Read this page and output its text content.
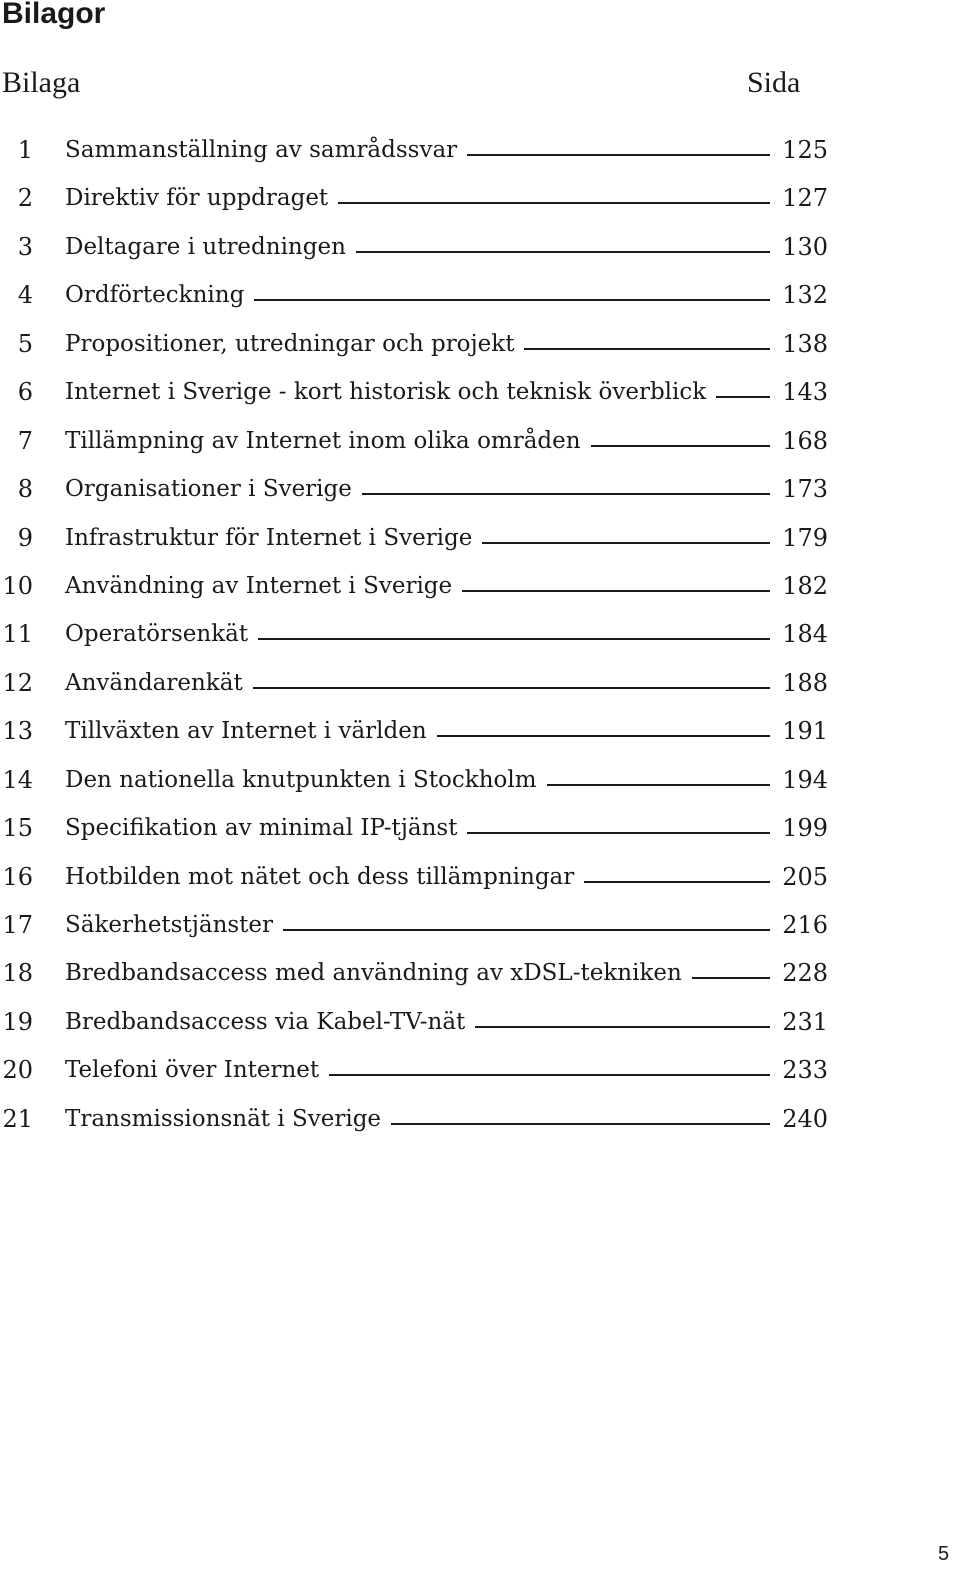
Bilagor
Bilaga	Sida
1 Sammanställning av samrådssvar	125
2 Direktiv för uppdraget	127
3 Deltagare i utredningen	130
4 Ordförteckning	132
5 Propositioner, utredningar och projekt	138
6 Internet i Sverige - kort historisk och teknisk överblick	143
7 Tillämpning av Internet inom olika områden	168
8 Organisationer i Sverige	173
9 Infrastruktur för Internet i Sverige	179
10 Användning av Internet i Sverige	182
11 Operatörsenkät	184
12 Användarenkät	188
13 Tillväxten av Internet i världen	191
14 Den nationella knutpunkten i Stockholm	194
15 Specifikation av minimal IP-tjänst	199
16 Hotbilden mot nätet och dess tillämpningar	205
17 Säkerhetstjänster	216
18 Bredbandsaccess med användning av xDSL-tekniken	228
19 Bredbandsaccess via Kabel-TV-nät	231
20 Telefoni över Internet	233
21 Transmissionsnät i Sverige	240
5
